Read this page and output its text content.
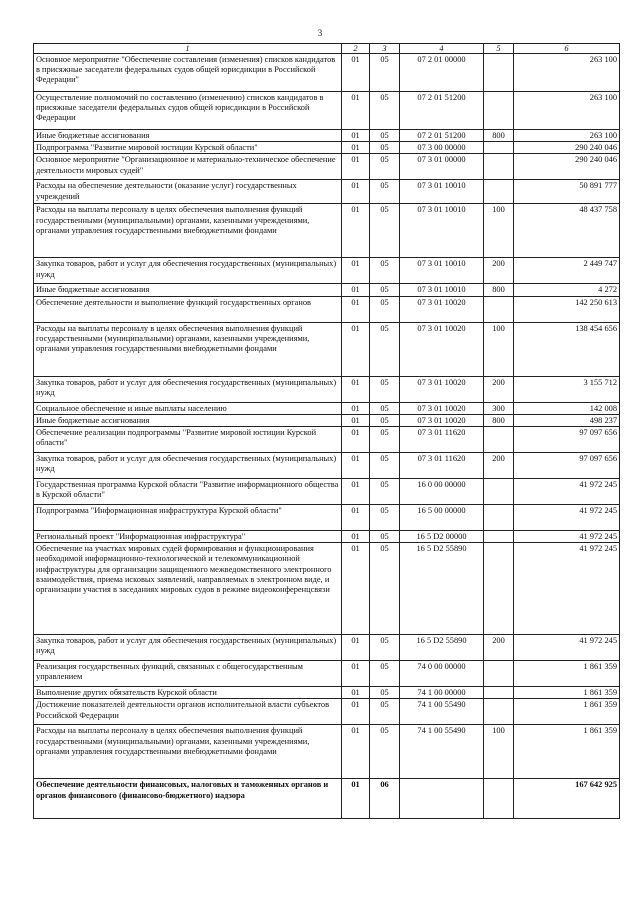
3
1	2	3	4	5	6
Основное мероприятие "Обеспечение составления (изменения) списков кандидатов в присяжные заседатели федеральных судов общей юрисдикции в Российской Федерации"	01	05	07 2 01 00000		263 100
Осуществление полномочий по составлению (изменению) списков кандидатов в присяжные заседатели федеральных судов общей юрисдикции в Российской Федерации	01	05	07 2 01 51200		263 100
Иные бюджетные ассигнования	01	05	07 2 01 51200	800	263 100
Подпрограмма "Развитие мировой юстиции Курской области"	01	05	07 3 00 00000		290 240 046
Основное мероприятие "Организационное и материально-техническое обеспечение деятельности мировых судей"	01	05	07 3 01 00000		290 240 046
Расходы на обеспечение деятельности (оказание услуг) государственных учреждений	01	05	07 3 01 10010		50 891 777
Расходы на выплаты персоналу в целях обеспечения выполнения функций государственными (муниципальными) органами, казенными учреждениями, органами управления государственными внебюджетными фондами	01	05	07 3 01 10010	100	48 437 758
Закупка товаров, работ и услуг для обеспечения государственных (муниципальных) нужд	01	05	07 3 01 10010	200	2 449 747
Иные бюджетные ассигнования	01	05	07 3 01 10010	800	4 272
Обеспечение деятельности и выполнение функций государственных органов	01	05	07 3 01 10020		142 250 613
Расходы на выплаты персоналу в целях обеспечения выполнения функций государственными (муниципальными) органами, казенными учреждениями, органами управления государственными внебюджетными фондами	01	05	07 3 01 10020	100	138 454 656
Закупка товаров, работ и услуг для обеспечения государственных (муниципальных) нужд	01	05	07 3 01 10020	200	3 155 712
Социальное обеспечение и иные выплаты населению	01	05	07 3 01 10020	300	142 008
Иные бюджетные ассигнования	01	05	07 3 01 10020	800	498 237
Обеспечение реализации подпрограммы "Развитие мировой юстиции Курской области"	01	05	07 3 01 11620		97 097 656
Закупка товаров, работ и услуг для обеспечения государственных (муниципальных) нужд	01	05	07 3 01 11620	200	97 097 656
Государственная программа Курской области "Развитие информационного общества в Курской области"	01	05	16 0 00 00000		41 972 245
Подпрограмма "Информационная инфраструктура Курской области"	01	05	16 5 00 00000		41 972 245
Региональный проект "Информационная инфраструктура"	01	05	16 5 D2 00000		41 972 245
Обеспечение на участках мировых судей формирования и функционирования необходимой информационно-технологической и телекоммуникационной инфраструктуры для организации защищенного межведомственного электронного взаимодействия, приема исковых заявлений, направляемых в электронном виде, и организации участия в заседаниях мировых судов в режиме видеоконференцсвязи	01	05	16 5 D2 55890		41 972 245
Закупка товаров, работ и услуг для обеспечения государственных (муниципальных) нужд	01	05	16 5 D2 55890	200	41 972 245
Реализация государственных функций, связанных с общегосударственным управлением	01	05	74 0 00 00000		1 861 359
Выполнение других обязательств Курской области	01	05	74 1 00 00000		1 861 359
Достижение показателей деятельности органов исполнительной власти субъектов Российской Федерации	01	05	74 1 00 55490		1 861 359
Расходы на выплаты персоналу в целях обеспечения выполнения функций государственными (муниципальными) органами, казенными учреждениями, органами управления государственными внебюджетными фондами	01	05	74 1 00 55490	100	1 861 359
Обеспечение деятельности финансовых, налоговых и таможенных органов и органов финансового (финансово-бюджетного) надзора	01	06			167 642 925
